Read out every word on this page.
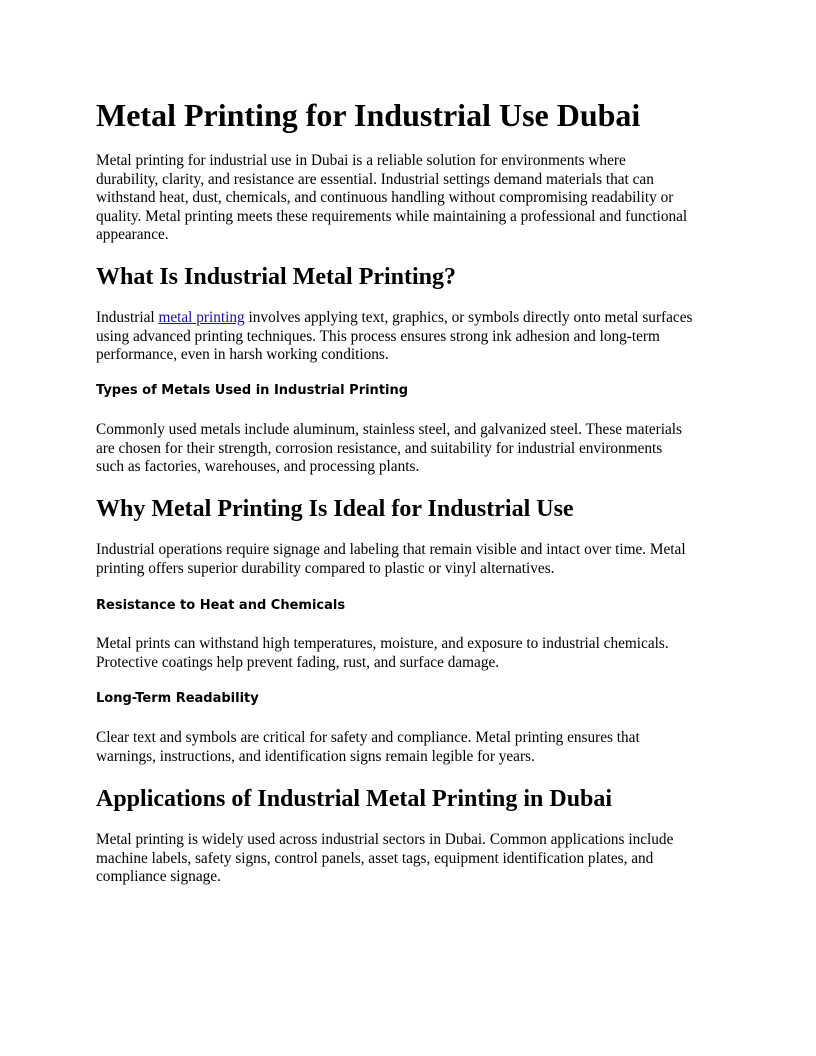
Metal Printing for Industrial Use Dubai

Metal printing for industrial use in Dubai is a reliable solution for environments where
durability, clarity, and resistance are essential. Industrial settings demand materials that can
withstand heat, dust, chemicals, and continuous handling without compromising readability or
quality. Metal printing meets these requirements while maintaining a professional and functional
appearance.

What Is Industrial Metal Printing?

Industrial metal printing involves applying text, graphics, or symbols directly onto metal surfaces
using advanced printing techniques. This process ensures strong ink adhesion and long-term
performance, even in harsh working conditions.

Types of Metals Used in Industrial Printing

Commonly used metals include aluminum, stainless steel, and galvanized steel. These materials
are chosen for their strength, corrosion resistance, and suitability for industrial environments
such as factories, warehouses, and processing plants.

Why Metal Printing Is Ideal for Industrial Use

Industrial operations require signage and labeling that remain visible and intact over time. Metal
printing offers superior durability compared to plastic or vinyl alternatives.

Resistance to Heat and Chemicals

Metal prints can withstand high temperatures, moisture, and exposure to industrial chemicals.
Protective coatings help prevent fading, rust, and surface damage.

Long-Term Readability

Clear text and symbols are critical for safety and compliance. Metal printing ensures that
warnings, instructions, and identification signs remain legible for years.

Applications of Industrial Metal Printing in Dubai

Metal printing is widely used across industrial sectors in Dubai. Common applications include
machine labels, safety signs, control panels, asset tags, equipment identification plates, and
compliance signage.
